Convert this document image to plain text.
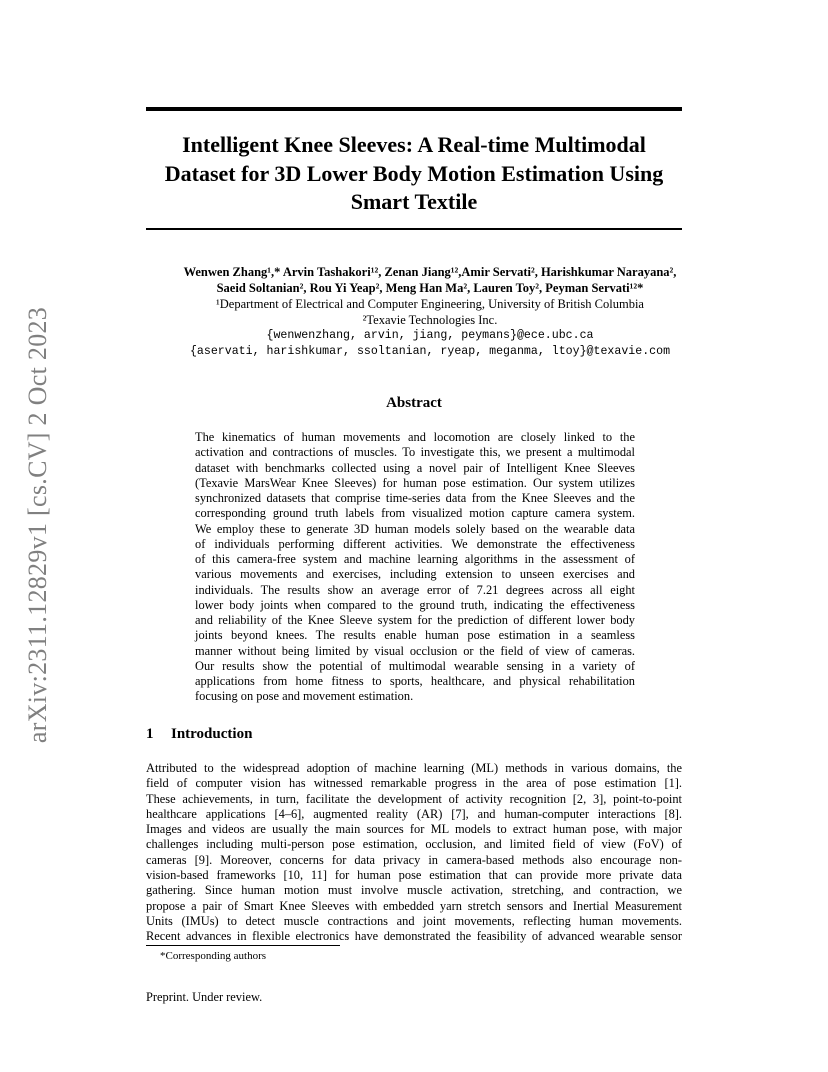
arXiv:2311.12829v1 [cs.CV] 2 Oct 2023
Intelligent Knee Sleeves: A Real-time Multimodal
Dataset for 3D Lower Body Motion Estimation Using
Smart Textile
Wenwen Zhang¹,* Arvin Tashakori¹², Zenan Jiang¹²,Amir Servati², Harishkumar Narayana²,
Saeid Soltanian², Rou Yi Yeap², Meng Han Ma², Lauren Toy², Peyman Servati¹²*
¹Department of Electrical and Computer Engineering, University of British Columbia
²Texavie Technologies Inc.
{wenwenzhang, arvin, jiang, peymans}@ece.ubc.ca
{aservati, harishkumar, ssoltanian, ryeap, meganma, ltoy}@texavie.com
Abstract
The kinematics of human movements and locomotion are closely linked to the
activation and contractions of muscles. To investigate this, we present a multimodal
dataset with benchmarks collected using a novel pair of Intelligent Knee Sleeves
(Texavie MarsWear Knee Sleeves) for human pose estimation. Our system utilizes
synchronized datasets that comprise time-series data from the Knee Sleeves and the
corresponding ground truth labels from visualized motion capture camera system.
We employ these to generate 3D human models solely based on the wearable data
of individuals performing different activities. We demonstrate the effectiveness
of this camera-free system and machine learning algorithms in the assessment of
various movements and exercises, including extension to unseen exercises and
individuals. The results show an average error of 7.21 degrees across all eight
lower body joints when compared to the ground truth, indicating the effectiveness
and reliability of the Knee Sleeve system for the prediction of different lower body
joints beyond knees. The results enable human pose estimation in a seamless
manner without being limited by visual occlusion or the field of view of cameras.
Our results show the potential of multimodal wearable sensing in a variety of
applications from home fitness to sports, healthcare, and physical rehabilitation
focusing on pose and movement estimation.
1 Introduction
Attributed to the widespread adoption of machine learning (ML) methods in various domains, the
field of computer vision has witnessed remarkable progress in the area of pose estimation [1].
These achievements, in turn, facilitate the development of activity recognition [2, 3], point-to-point
healthcare applications [4–6], augmented reality (AR) [7], and human-computer interactions [8].
Images and videos are usually the main sources for ML models to extract human pose, with major
challenges including multi-person pose estimation, occlusion, and limited field of view (FoV) of
cameras [9]. Moreover, concerns for data privacy in camera-based methods also encourage non-
vision-based frameworks [10, 11] for human pose estimation that can provide more private data
gathering. Since human motion must involve muscle activation, stretching, and contraction, we
propose a pair of Smart Knee Sleeves with embedded yarn stretch sensors and Inertial Measurement
Units (IMUs) to detect muscle contractions and joint movements, reflecting human movements.
Recent advances in flexible electronics have demonstrated the feasibility of advanced wearable sensor
*Corresponding authors
Preprint. Under review.
